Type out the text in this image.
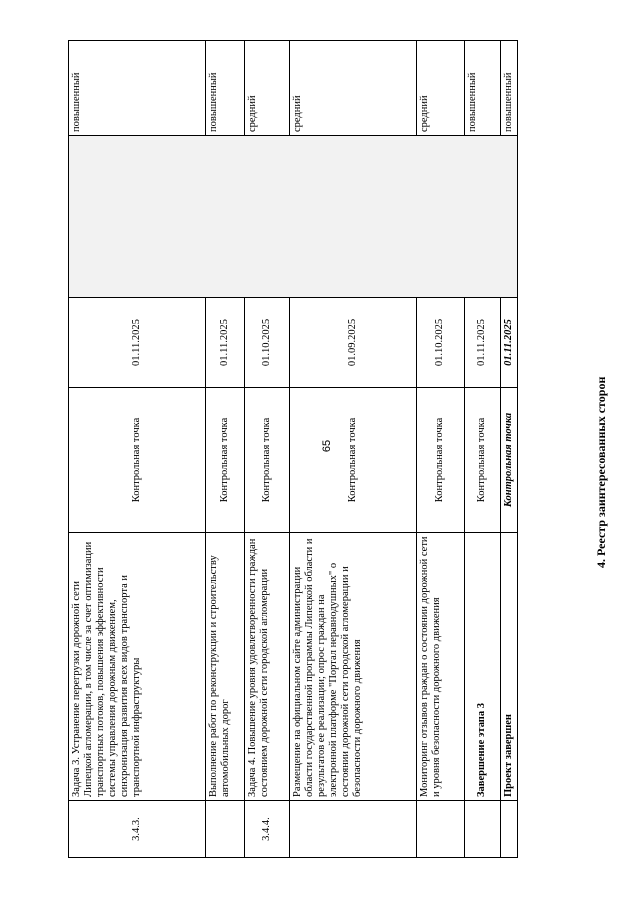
65	4. Реестр заинтересованных сторон
3.4.3.	Задача 3. Устранение перегрузки дорожной сети Липецкой агломерации, в том числе за счет оптимизации транспортных потоков, повышения эффективности системы управления дорожным движением, синхронизация развития всех видов транспорта и транспортной инфраструктуры	Контрольная точка	01.11.2025		повышенный
	Выполнение работ по реконструкции и строительству автомобильных дорог	Контрольная точка	01.11.2025		повышенный
3.4.4.	Задача 4. Повышение уровня удовлетворенности граждан состоянием дорожной сети городской агломерации	Контрольная точка	01.10.2025		средний
	Размещение на официальном сайте администрации области государственной программы Липецкой области и результатов ее реализации; опрос граждан на электронной платформе "Портал неравнодушных" о состоянии дорожной сети городской агломерации и безопасности дорожного движения	Контрольная точка	01.09.2025		средний
	Мониторинг отзывов граждан о состоянии дорожной сети и уровня безопасности дорожного движения	Контрольная точка	01.10.2025		средний
	Завершение этапа 3	Контрольная точка	01.11.2025		повышенный
	Проект завершен	Контрольная точка	01.11.2025		повышенный
